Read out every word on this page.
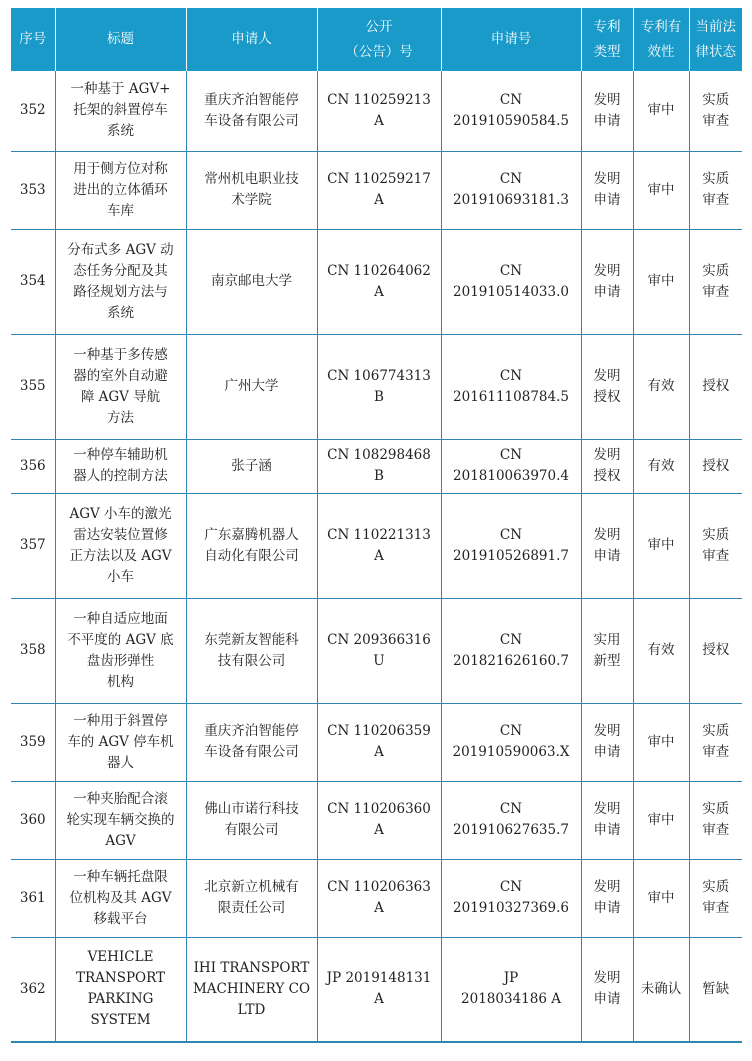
序号	标题	申请人	公开
（公告）号	申请号	专利
类型	专利有
效性	当前法
律状态

352	一种基于 AGV+
托架的斜置停车
系统	重庆齐泊智能停
车设备有限公司	CN 110259213 A	CN
201910590584.5	发明
申请	审中	实质
审查

353	用于侧方位对称
进出的立体循环
车库	常州机电职业技
术学院	CN 110259217 A	CN
201910693181.3	发明
申请	审中	实质
审查

354	分布式多 AGV 动
态任务分配及其
路径规划方法与
系统	南京邮电大学	CN 110264062 A	CN
201910514033.0	发明
申请	审中	实质
审查

355	一种基于多传感
器的室外自动避
障 AGV 导航
方法	广州大学	CN 106774313 B	CN
201611108784.5	发明
授权	有效	授权

356	一种停车辅助机
器人的控制方法	张子涵	CN 108298468 B	CN
201810063970.4	发明
授权	有效	授权

357	AGV 小车的激光
雷达安装位置修
正方法以及 AGV
小车	广东嘉腾机器人
自动化有限公司	CN 110221313 A	CN
201910526891.7	发明
申请	审中	实质
审查

358	一种自适应地面
不平度的 AGV 底
盘齿形弹性
机构	东莞新友智能科
技有限公司	CN 209366316 U	CN
201821626160.7	实用
新型	有效	授权

359	一种用于斜置停
车的 AGV 停车机
器人	重庆齐泊智能停
车设备有限公司	CN 110206359 A	CN
201910590063.X	发明
申请	审中	实质
审查

360	一种夹胎配合滚
轮实现车辆交换的
AGV	佛山市诺行科技
有限公司	CN 110206360 A	CN
201910627635.7	发明
申请	审中	实质
审查

361	一种车辆托盘限
位机构及其 AGV
移载平台	北京新立机械有
限责任公司	CN 110206363 A	CN
201910327369.6	发明
申请	审中	实质
审查

362	VEHICLE
TRANSPORT
PARKING
SYSTEM	IHI TRANSPORT
MACHINERY CO
LTD	JP 2019148131 A	JP
2018034186 A	发明
申请	未确认	暂缺
